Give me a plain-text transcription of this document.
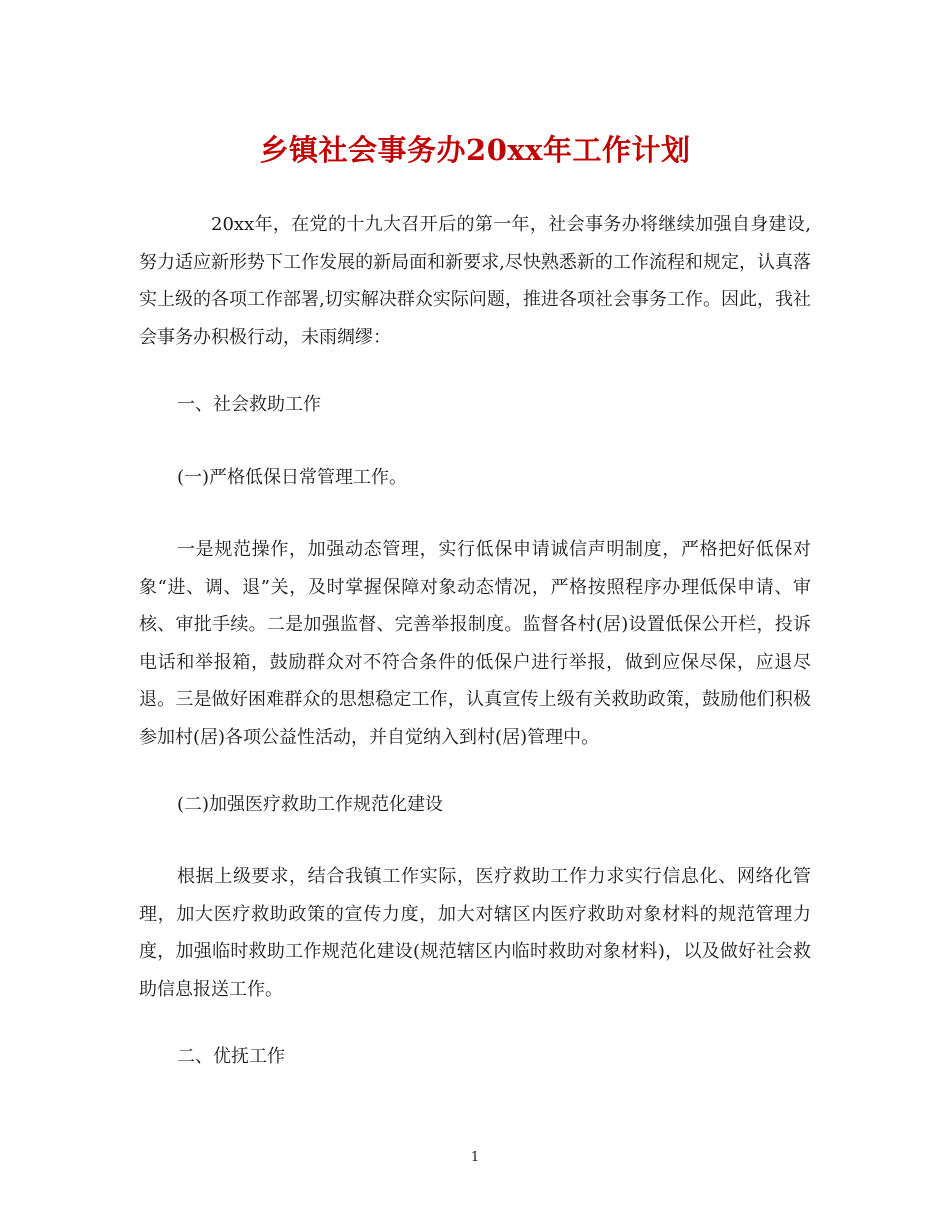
乡镇社会事务办20xx年工作计划

20xx年，在党的十九大召开后的第一年，社会事务办将继续加强自身建设,努力适应新形势下工作发展的新局面和新要求,尽快熟悉新的工作流程和规定，认真落实上级的各项工作部署,切实解决群众实际问题，推进各项社会事务工作。因此，我社会事务办积极行动，未雨绸缪：

一、社会救助工作

(一)严格低保日常管理工作。

一是规范操作，加强动态管理，实行低保申请诚信声明制度，严格把好低保对象“进、调、退”关，及时掌握保障对象动态情况，严格按照程序办理低保申请、审核、审批手续。二是加强监督、完善举报制度。监督各村(居)设置低保公开栏，投诉电话和举报箱，鼓励群众对不符合条件的低保户进行举报，做到应保尽保，应退尽退。三是做好困难群众的思想稳定工作，认真宣传上级有关救助政策，鼓励他们积极参加村(居)各项公益性活动，并自觉纳入到村(居)管理中。

(二)加强医疗救助工作规范化建设

根据上级要求，结合我镇工作实际，医疗救助工作力求实行信息化、网络化管理，加大医疗救助政策的宣传力度，加大对辖区内医疗救助对象材料的规范管理力度，加强临时救助工作规范化建设(规范辖区内临时救助对象材料)，以及做好社会救助信息报送工作。

二、优抚工作

1
